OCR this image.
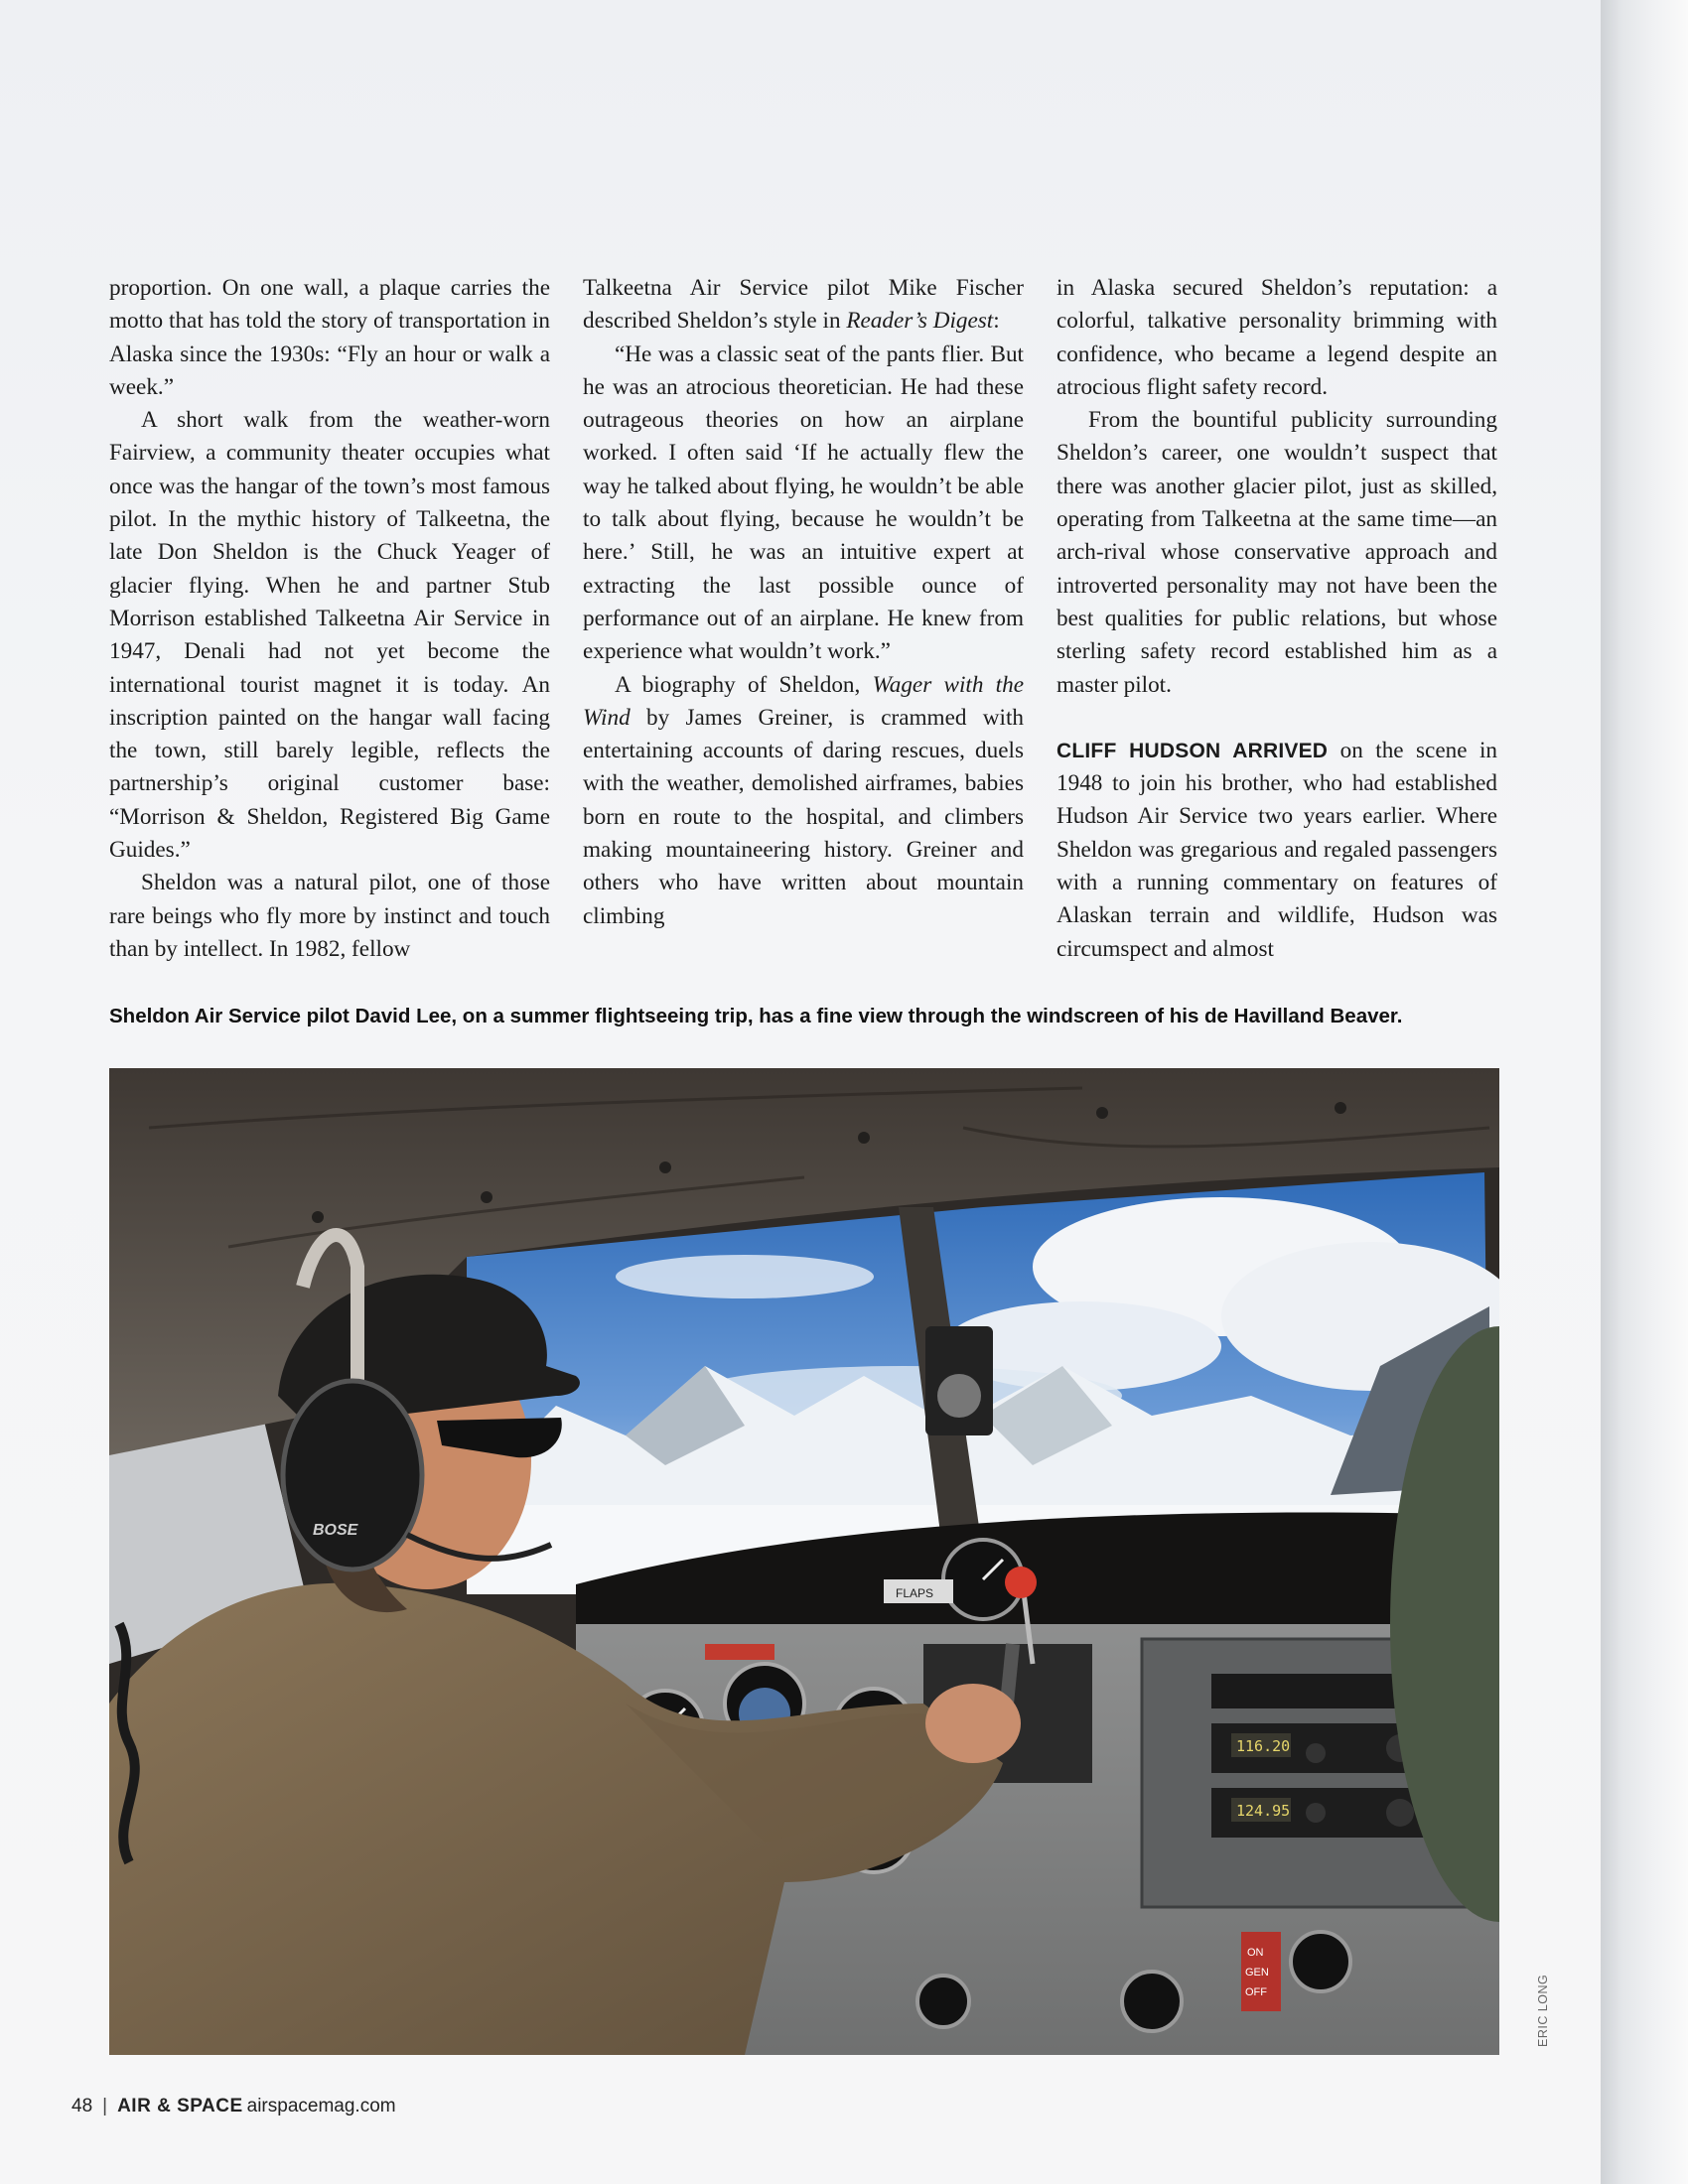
proportion. On one wall, a plaque carries the motto that has told the story of transportation in Alaska since the 1930s: “Fly an hour or walk a week.”

A short walk from the weather-worn Fairview, a community theater occupies what once was the hangar of the town’s most famous pilot. In the mythic history of Talkeetna, the late Don Sheldon is the Chuck Yeager of glacier flying. When he and partner Stub Morrison established Talkeetna Air Service in 1947, Denali had not yet become the international tourist magnet it is today. An inscription painted on the hangar wall facing the town, still barely legible, reflects the partnership’s original customer base: “Morrison & Sheldon, Registered Big Game Guides.”

Sheldon was a natural pilot, one of those rare beings who fly more by instinct and touch than by intellect. In 1982, fellow

Talkeetna Air Service pilot Mike Fischer described Sheldon’s style in Reader’s Digest:

“He was a classic seat of the pants flier. But he was an atrocious theoretician. He had these outrageous theories on how an airplane worked. I often said ‘If he actually flew the way he talked about flying, he wouldn’t be able to talk about flying, because he wouldn’t be here.’ Still, he was an intuitive expert at extracting the last possible ounce of performance out of an airplane. He knew from experience what wouldn’t work.”

A biography of Sheldon, Wager with the Wind by James Greiner, is crammed with entertaining accounts of daring rescues, duels with the weather, demolished airframes, babies born en route to the hospital, and climbers making mountaineering history. Greiner and others who have written about mountain climbing

in Alaska secured Sheldon’s reputation: a colorful, talkative personality brimming with confidence, who became a legend despite an atrocious flight safety record.

From the bountiful publicity surrounding Sheldon’s career, one wouldn’t suspect that there was another glacier pilot, just as skilled, operating from Talkeetna at the same time—an arch-rival whose conservative approach and introverted personality may not have been the best qualities for public relations, but whose sterling safety record established him as a master pilot.

CLIFF HUDSON ARRIVED on the scene in 1948 to join his brother, who had established Hudson Air Service two years earlier. Where Sheldon was gregarious and regaled passengers with a running commentary on features of Alaskan terrain and wildlife, Hudson was circumspect and almost

Sheldon Air Service pilot David Lee, on a summer flightseeing trip, has a fine view through the windscreen of his de Havilland Beaver.
FLAPS
116.20
124.95
ON
GEN
OFF
BOSE
ERIC LONG
48 | AIR & SPACE airspacemag.com
